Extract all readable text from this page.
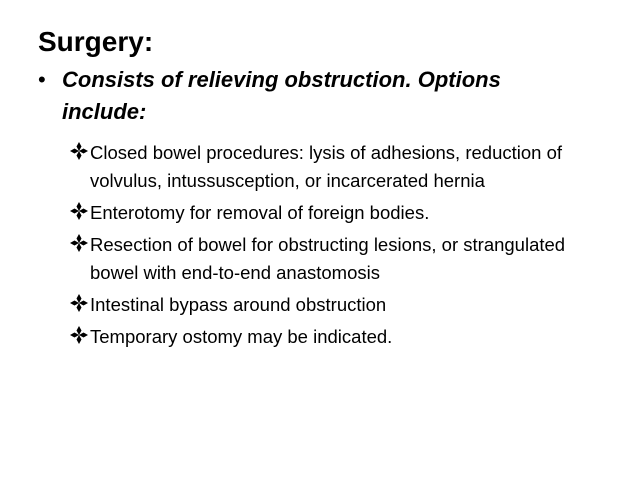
Surgery:
• Consists of relieving obstruction. Options include:
Closed bowel procedures: lysis of adhesions, reduction of volvulus, intussusception, or incarcerated hernia
Enterotomy for removal of foreign bodies.
Resection of bowel for obstructing lesions, or strangulated bowel with end-to-end anastomosis
Intestinal bypass around obstruction
Temporary ostomy may be indicated.
